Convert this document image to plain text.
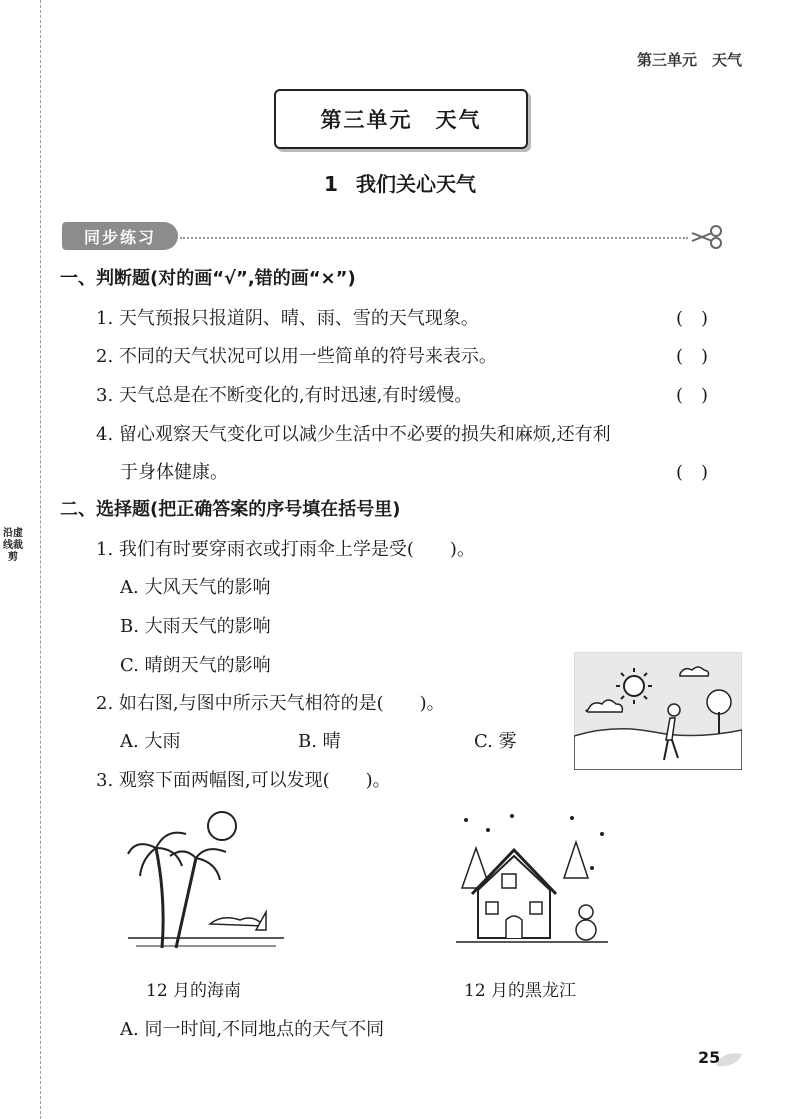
沿虚线裁剪
第三单元　天气
第三单元　天气
1 我们关心天气
同步练习
一、判断题(对的画“√”,错的画“×”)
1. 天气预报只报道阴、晴、雨、雪的天气现象。	(　)
2. 不同的天气状况可以用一些简单的符号来表示。	(　)
3. 天气总是在不断变化的,有时迅速,有时缓慢。	(　)
4. 留心观察天气变化可以减少生活中不必要的损失和麻烦,还有利
于身体健康。	(　)
二、选择题(把正确答案的序号填在括号里)
1. 我们有时要穿雨衣或打雨伞上学是受(　　)。
A. 大风天气的影响
B. 大雨天气的影响
C. 晴朗天气的影响
2. 如右图,与图中所示天气相符的是(　　)。
A. 大雨	B. 晴	C. 雾
3. 观察下面两幅图,可以发现(　　)。
12 月的海南	12 月的黑龙江
A. 同一时间,不同地点的天气不同
25
